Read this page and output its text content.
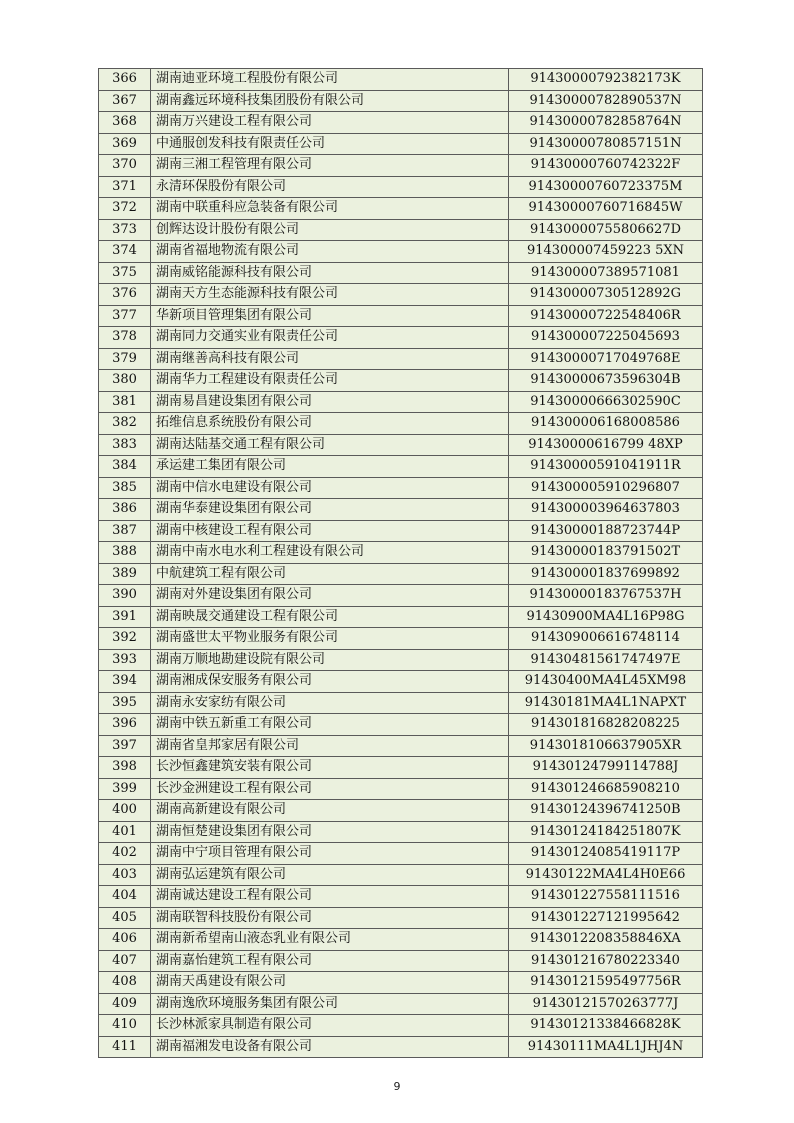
366	湖南迪亚环境工程股份有限公司	91430000792382173K
367	湖南鑫远环境科技集团股份有限公司	91430000782890537N
368	湖南万兴建设工程有限公司	91430000782858764N
369	中通服创发科技有限责任公司	91430000780857151N
370	湖南三湘工程管理有限公司	91430000760742322F
371	永清环保股份有限公司	91430000760723375M
372	湖南中联重科应急装备有限公司	91430000760716845W
373	创辉达设计股份有限公司	91430000755806627D
374	湖南省福地物流有限公司	914300007459223 5XN
375	湖南威铭能源科技有限公司	914300007389571081
376	湖南天方生态能源科技有限公司	91430000730512892G
377	华新项目管理集团有限公司	91430000722548406R
378	湖南同力交通实业有限责任公司	914300007225045693
379	湖南继善高科技有限公司	91430000717049768E
380	湖南华力工程建设有限责任公司	91430000673596304B
381	湖南易昌建设集团有限公司	91430000666302590C
382	拓维信息系统股份有限公司	914300006168008586
383	湖南达陆基交通工程有限公司	91430000616799 48XP
384	承运建工集团有限公司	91430000591041911R
385	湖南中信水电建设有限公司	914300005910296807
386	湖南华泰建设集团有限公司	914300003964637803
387	湖南中核建设工程有限公司	91430000188723744P
388	湖南中南水电水利工程建设有限公司	91430000183791502T
389	中航建筑工程有限公司	914300001837699892
390	湖南对外建设集团有限公司	91430000183767537H
391	湖南映晟交通建设工程有限公司	91430900MA4L16P98G
392	湖南盛世太平物业服务有限公司	914309006616748114
393	湖南万顺地勘建设院有限公司	91430481561747497E
394	湖南湘成保安服务有限公司	91430400MA4L45XM98
395	湖南永安家纺有限公司	91430181MA4L1NAPXT
396	湖南中铁五新重工有限公司	914301816828208225
397	湖南省皇邦家居有限公司	9143018106637905XR
398	长沙恒鑫建筑安装有限公司	91430124799114788J
399	长沙金洲建设工程有限公司	914301246685908210
400	湖南高新建设有限公司	91430124396741250B
401	湖南恒楚建设集团有限公司	91430124184251807K
402	湖南中宁项目管理有限公司	91430124085419117P
403	湖南弘运建筑有限公司	91430122MA4L4H0E66
404	湖南诚达建设工程有限公司	914301227558111516
405	湖南联智科技股份有限公司	914301227121995642
406	湖南新希望南山液态乳业有限公司	9143012208358846XA
407	湖南嘉怡建筑工程有限公司	914301216780223340
408	湖南天禹建设有限公司	91430121595497756R
409	湖南逸欣环境服务集团有限公司	91430121570263777J
410	长沙林派家具制造有限公司	91430121338466828K
411	湖南福湘发电设备有限公司	91430111MA4L1JHJ4N
9
